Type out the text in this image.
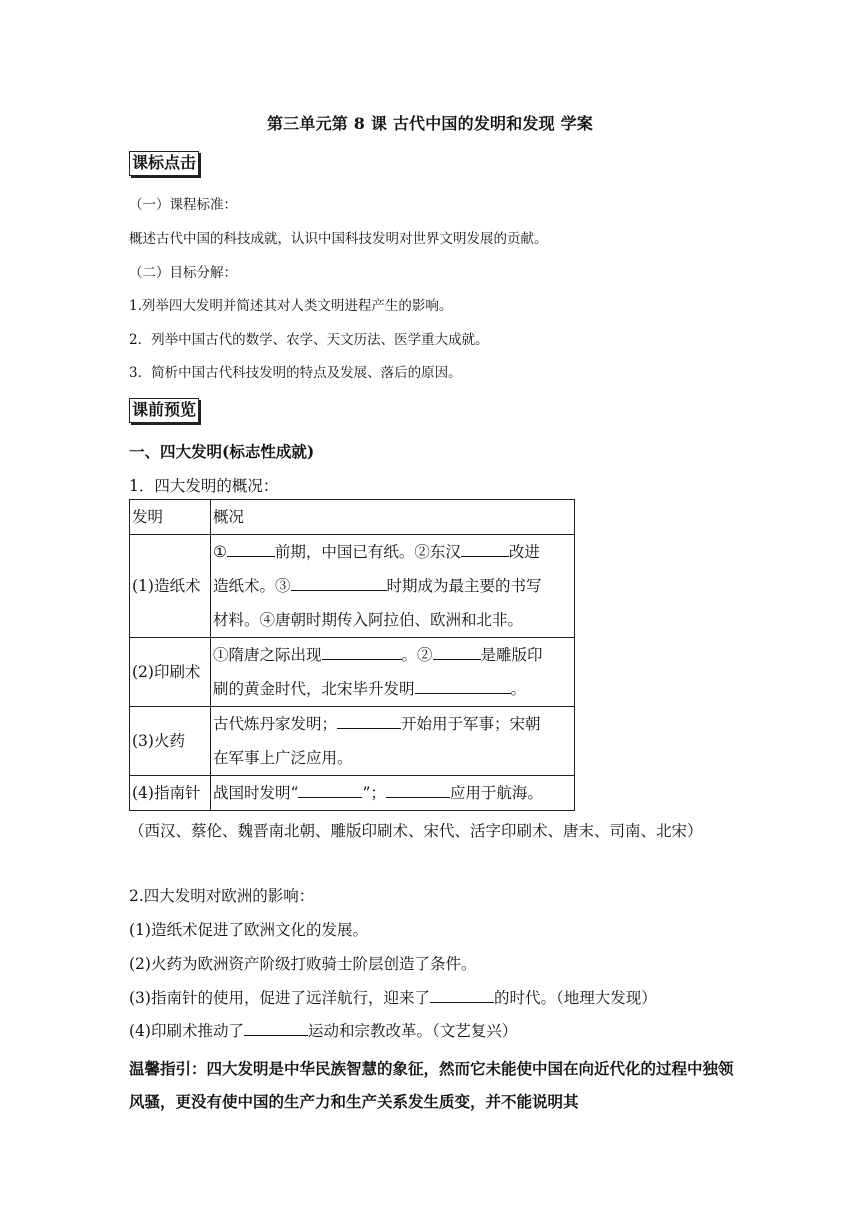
第三单元第 8 课 古代中国的发明和发现 学案
课标点击
（一）课程标准：
概述古代中国的科技成就，认识中国科技发明对世界文明发展的贡献。
（二）目标分解：
1.列举四大发明并简述其对人类文明进程产生的影响。
2．列举中国古代的数学、农学、天文历法、医学重大成就。
3．简析中国古代科技发明的特点及发展、落后的原因。
课前预览
一、四大发明(标志性成就)
1．四大发明的概况：
发明	概况
(1)造纸术	① 前期，中国已有纸。②东汉 改进
造纸术。③ 时期成为最主要的书写
材料。④唐朝时期传入阿拉伯、欧洲和北非。

(2)印刷术	①隋唐之际出现 。② 是雕版印
刷的黄金时代，北宋毕升发明 。

(3)火药	古代炼丹家发明； 开始用于军事；宋朝
在军事上广泛应用。

(4)指南针	战国时发明“ ”； 应用于航海。
（西汉、蔡伦、魏晋南北朝、雕版印刷术、宋代、活字印刷术、唐末、司南、北宋）
2.四大发明对欧洲的影响：
(1)造纸术促进了欧洲文化的发展。
(2)火药为欧洲资产阶级打败骑士阶层创造了条件。
(3)指南针的使用，促进了远洋航行，迎来了	的时代。（地理大发现）
(4)印刷术推动了	运动和宗教改革。（文艺复兴）
温馨指引：四大发明是中华民族智慧的象征，然而它未能使中国在向近代化的过程中独领风骚，更没有使中国的生产力和生产关系发生质变，并不能说明其
